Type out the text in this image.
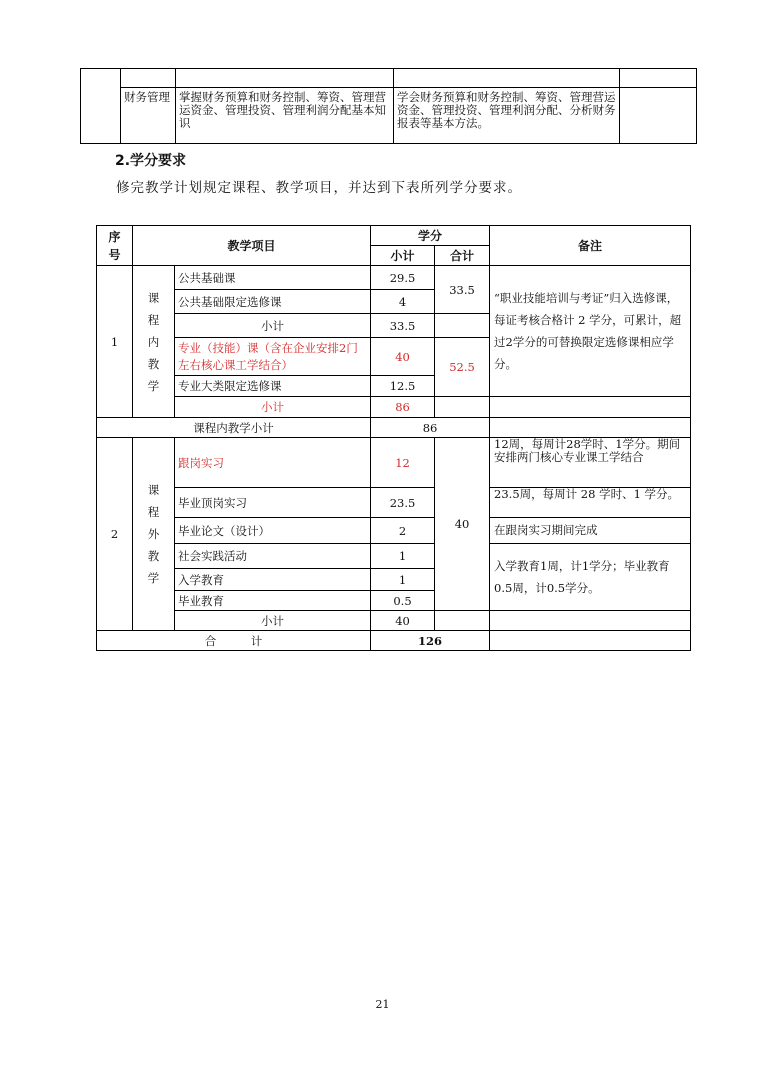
	财务管理	掌握财务预算和财务控制、筹资、管理营运资金、管理投资、管理利润分配基本知识	学会财务预算和财务控制、筹资、管理营运资金、管理投资、管理利润分配、分析财务报表等基本方法。	
2.学分要求
修完教学计划规定课程、教学项目，并达到下表所列学分要求。
序号	教学项目		学分		备注
			小计	合计	
1	课程内教学	公共基础课	29.5	33.5	“职业技能培训与考证”归入选修课，每证考核合格计 2 学分，可累计，超过2学分的可替换限定选修课相应学分。
		公共基础限定选修课	4		
		小计	33.5		
		专业（技能）课（含在企业安排2门左右核心课工学结合）	40	52.5	
		专业大类限定选修课	12.5		
		小计	86		
课程内教学小计			86		
2	课程外教学	跟岗实习	12	40	12周，每周计28学时、1学分。期间安排两门核心专业课工学结合
		毕业顶岗实习	23.5		23.5周，每周计 28 学时、1 学分。
		毕业论文（设计）	2		在跟岗实习期间完成
		社会实践活动	1		入学教育1周，计1学分；毕业教育0.5周，计0.5学分。
		入学教育	1		
		毕业教育	0.5		
		小计	40		
合　　　计			126		
21
